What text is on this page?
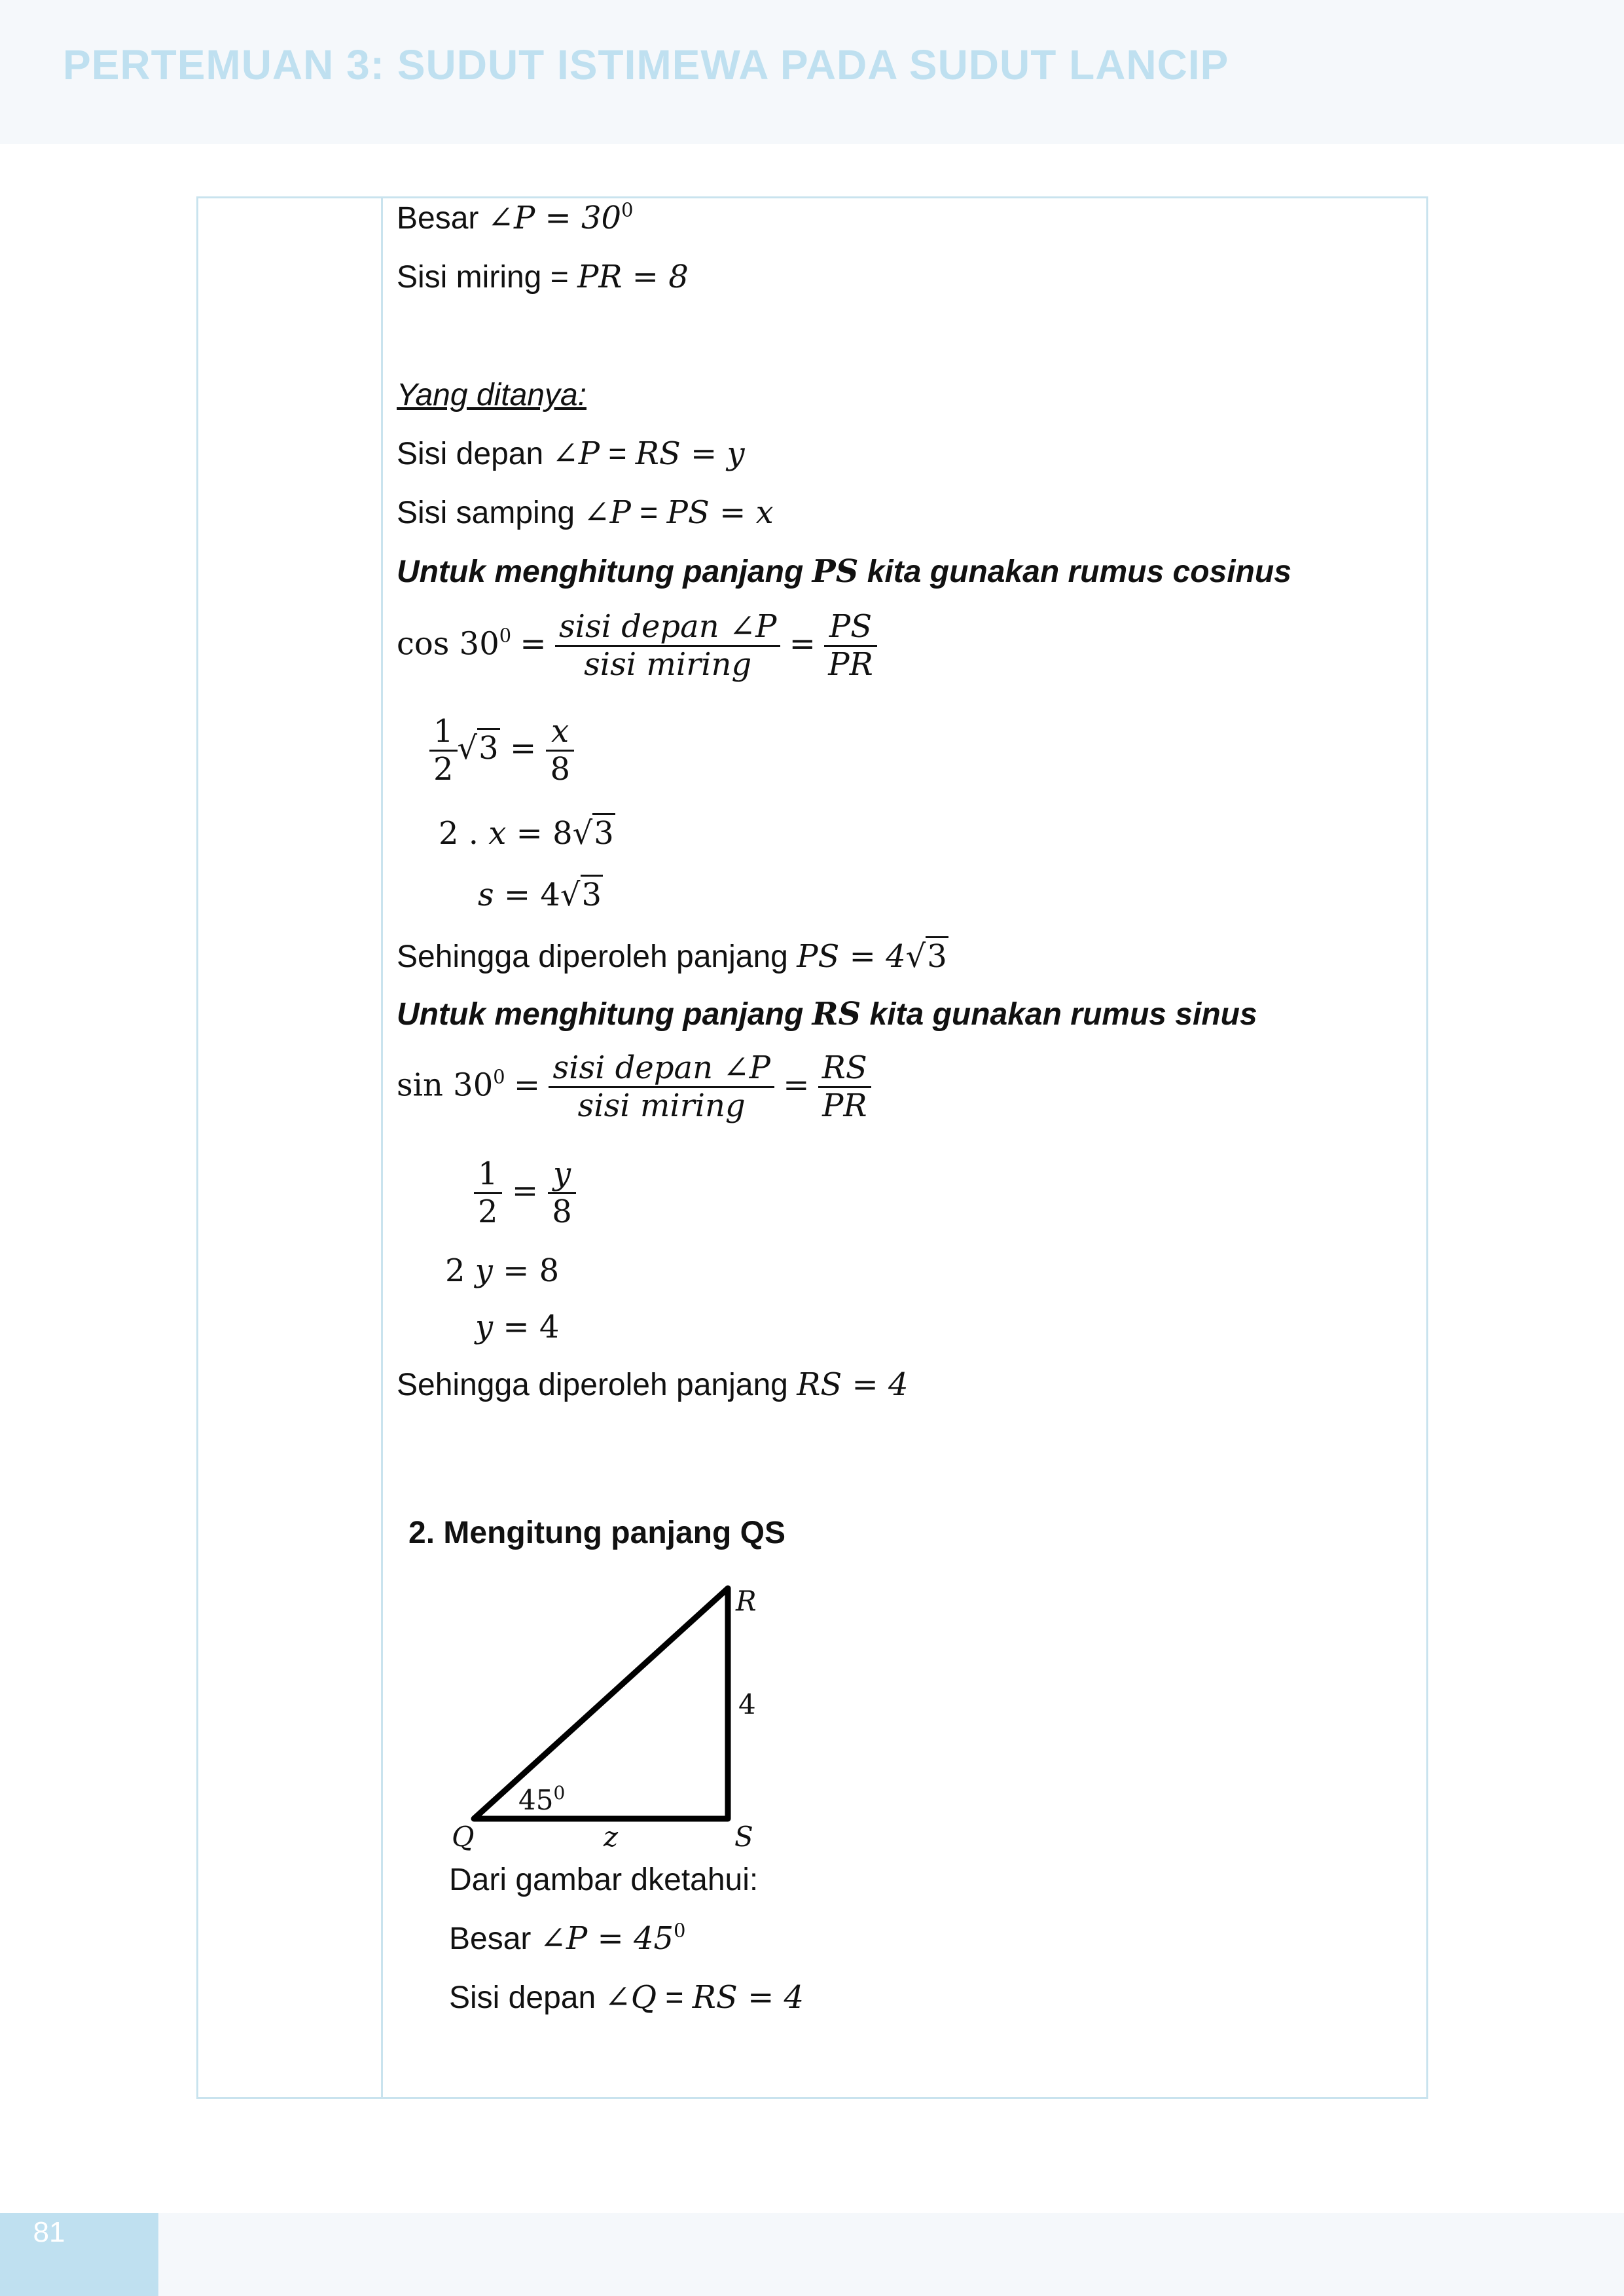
PERTEMUAN 3: SUDUT ISTIMEWA PADA SUDUT LANCIP
Besar ∠P = $30^0$
Sisi miring = PR = 8
Yang ditanya:
Sisi depan ∠P = RS = y
Sisi samping ∠P = PS = x
Untuk menghitung panjang PS kita gunakan rumus cosinus
$\cos 30^0 = \frac{\text{sisi depan ∠P}}{\text{sisi miring}} = \frac{PS}{PR}$
$\frac{1}{2} √3 = \frac{x}{8}$
2 . x = 8√3
s = 4√3
Sehingga diperoleh panjang PS = 4√3
Untuk menghitung panjang RS kita gunakan rumus sinus
$\sin 30^0 = \frac{\text{sisi depan ∠P}}{\text{sisi miring}} = \frac{RS}{PR}$
$\frac{1}{2} = \frac{y}{8}$
2 y = 8
y = 4
Sehingga diperoleh panjang RS = 4
2. Mengitung panjang QS
R
Q	S
z
4
$45^0$
Dari gambar dketahui:
Besar ∠P = $45^0$
Sisi depan ∠Q = RS = 4
81
